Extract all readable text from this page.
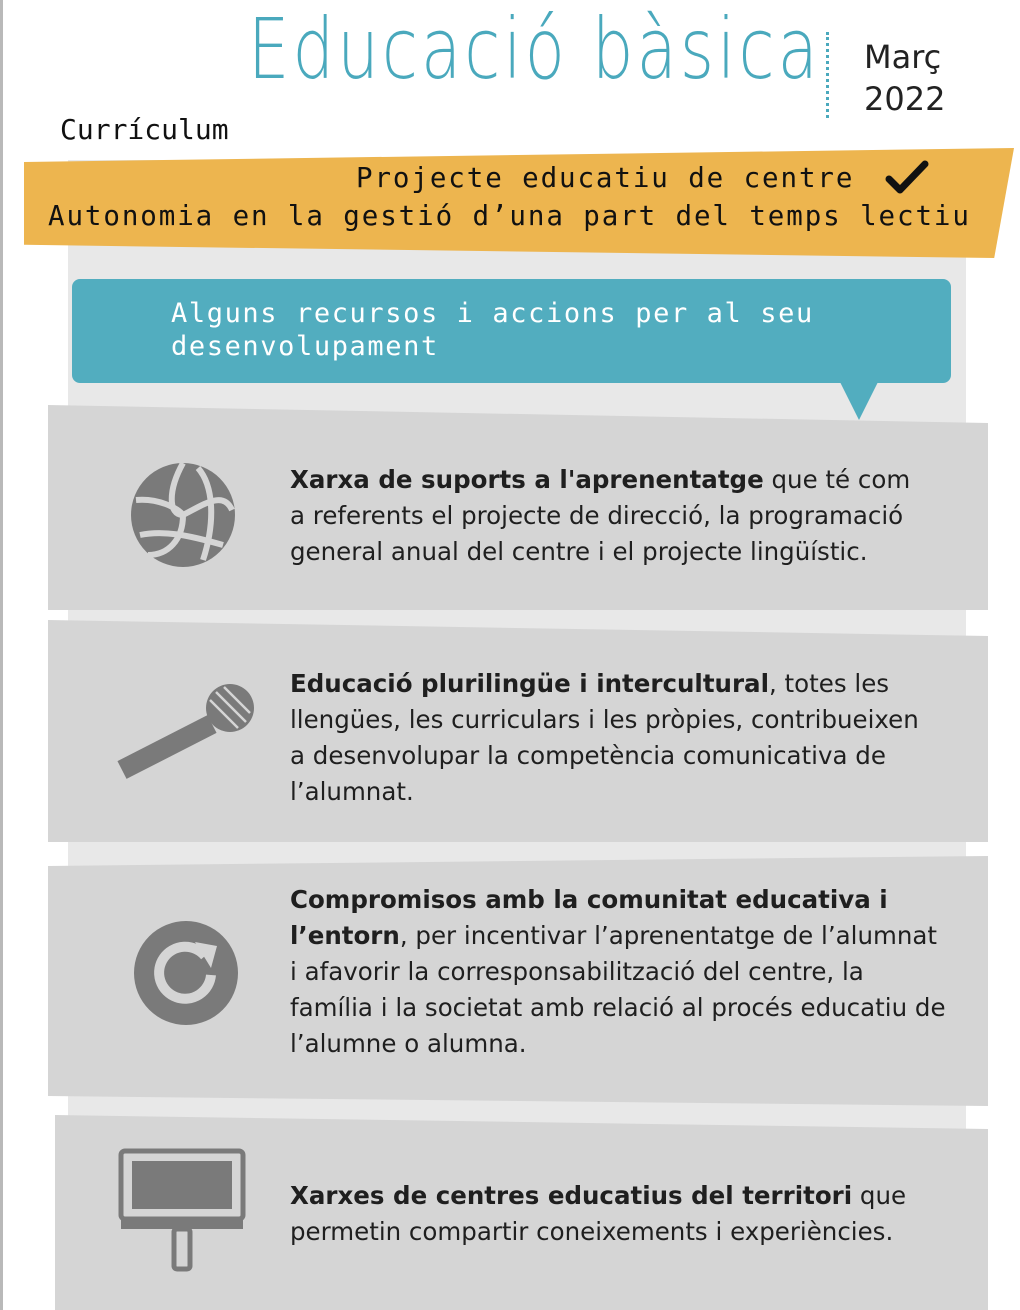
Educació bàsica Març
2022
Currículum
Projecte educatiu de centre
Autonomia en la gestió d’una part del temps lectiu
Alguns recursos i accions per al seu desenvolupament
Xarxa de suports a l'aprenentatge que té com a referents el projecte de direcció, la programació general anual del centre i el projecte lingüístic.
Educació plurilingüe i intercultural, totes les llengües, les curriculars i les pròpies, contribueixen a desenvolupar la competència comunicativa de l’alumnat.
Compromisos amb la comunitat educativa i l’entorn, per incentivar l’aprenentatge de l’alumnat i afavorir la corresponsabilització del centre, la família i la societat amb relació al procés educatiu de l’alumne o alumna.
Xarxes de centres educatius del territori que permetin compartir coneixements i experiències.
